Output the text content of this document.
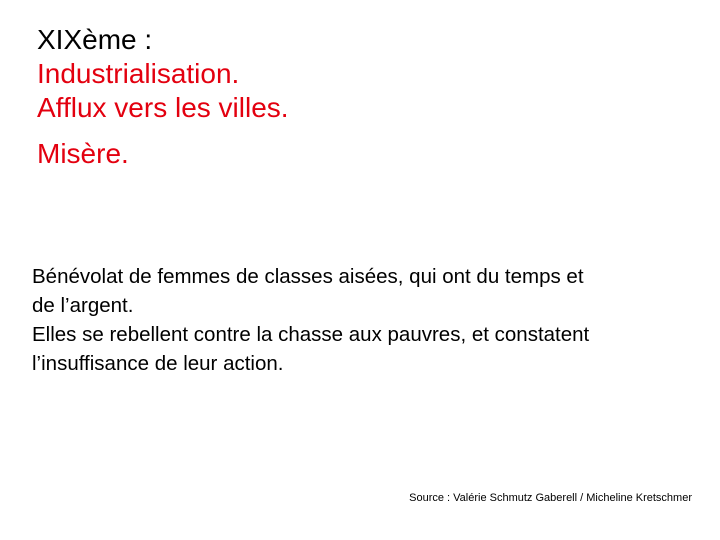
XIXème :
Industrialisation.
Afflux vers les villes.
Misère.
Bénévolat de femmes de classes aisées, qui ont du temps et
de l’argent.
Elles se rebellent contre la chasse aux pauvres, et constatent
l’insuffisance de leur action.
Source : Valérie Schmutz Gaberell / Micheline Kretschmer
